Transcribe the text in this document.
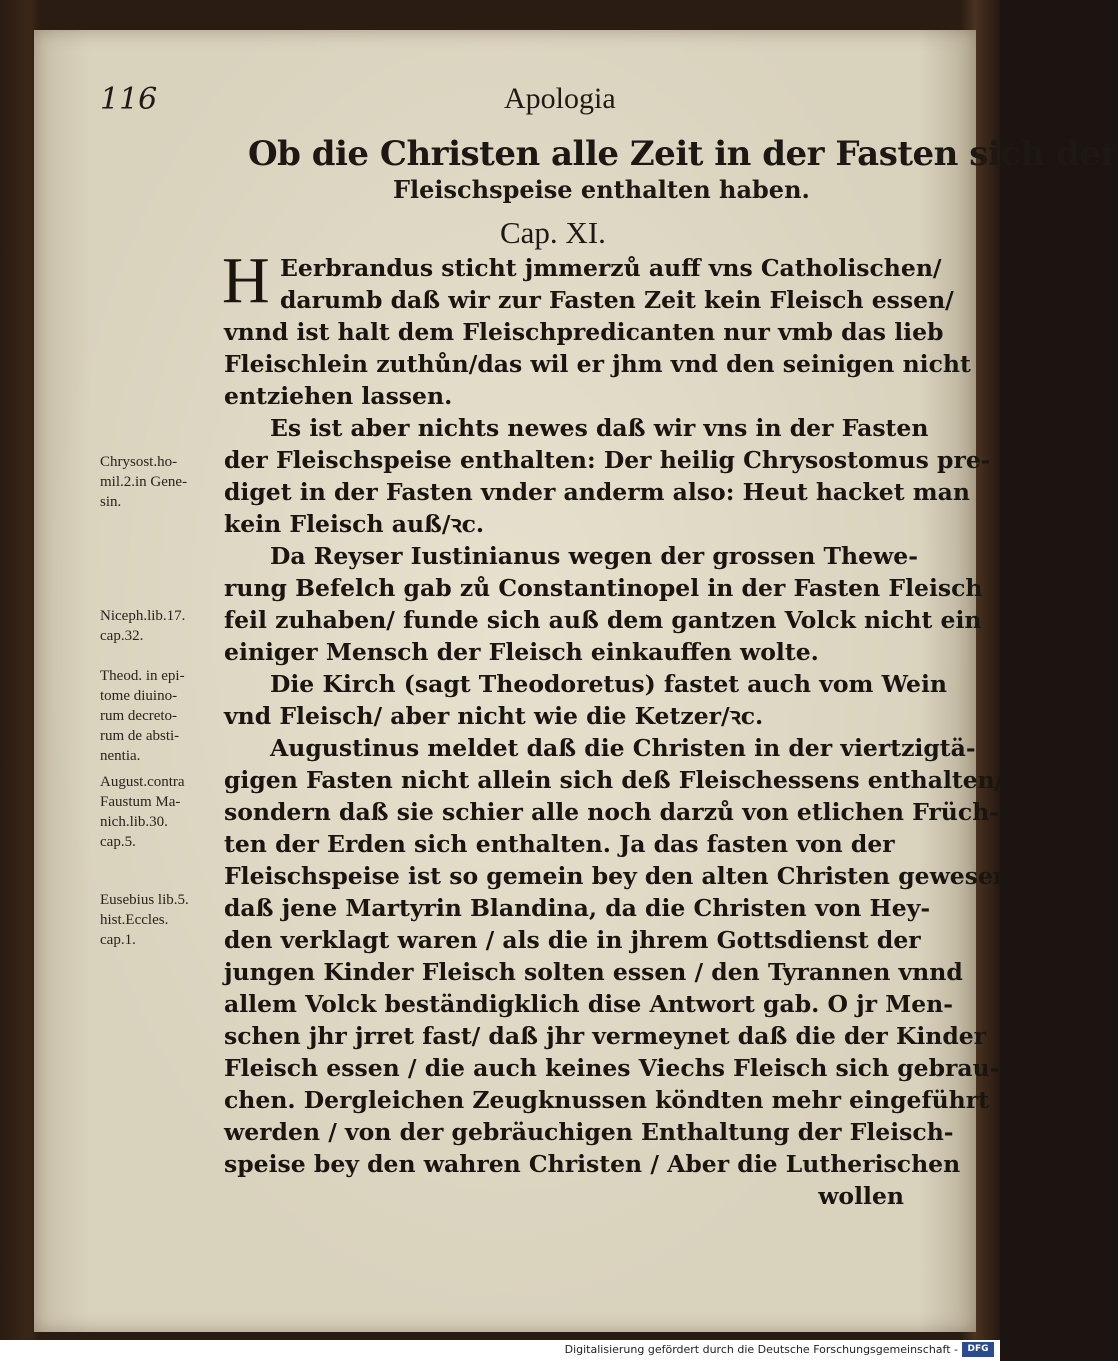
116	Apologia
Ob die Christen alle Zeit in der Fasten sich der
Fleischspeise enthalten haben.
Cap. XI.
H Eerbrandus sticht jmmerzů auff vns Catholischen/
darumb daß wir zur Fasten Zeit kein Fleisch essen/
vnnd ist halt dem Fleischpredicanten nur vmb das lieb
Fleischlein zuthůn/das wil er jhm vnd den seinigen nicht
entziehen lassen.
Es ist aber nichts newes daß wir vns in der Fasten
der Fleischspeise enthalten: Der heilig Chrysostomus pre-
diget in der Fasten vnder anderm also: Heut hacket man
kein Fleisch auß/ꝛc.
Da Reyser Iustinianus wegen der grossen Thewe-
rung Befelch gab zů Constantinopel in der Fasten Fleisch
feil zuhaben/ funde sich auß dem gantzen Volck nicht ein
einiger Mensch der Fleisch einkauffen wolte.
Die Kirch (sagt Theodoretus) fastet auch vom Wein
vnd Fleisch/ aber nicht wie die Ketzer/ꝛc.
Augustinus meldet daß die Christen in der viertzigtä-
gigen Fasten nicht allein sich deß Fleischessens enthalten/
sondern daß sie schier alle noch darzů von etlichen Früch-
ten der Erden sich enthalten. Ja das fasten von der
Fleischspeise ist so gemein bey den alten Christen gewesen/
daß jene Martyrin Blandina, da die Christen von Hey-
den verklagt waren / als die in jhrem Gottsdienst der
jungen Kinder Fleisch solten essen / den Tyrannen vnnd
allem Volck beständigklich dise Antwort gab. O jr Men-
schen jhr jrret fast/ daß jhr vermeynet daß die der Kinder
Fleisch essen / die auch keines Viechs Fleisch sich gebrau-
chen. Dergleichen Zeugknussen köndten mehr eingeführt
werden / von der gebräuchigen Enthaltung der Fleisch-
speise bey den wahren Christen / Aber die Lutherischen
wollen
Chrysost.ho-
mil.2.in Gene-
sin.
Niceph.lib.17.
cap.32.
Theod. in epi-
tome diuino-
rum decreto-
rum de absti-
nentia.
August.contra
Faustum Ma-
nich.lib.30.
cap.5.
Eusebius lib.5.
hist.Eccles.
cap.1.
Digitalisierung gefördert durch die Deutsche Forschungsgemeinschaft -	DFG
